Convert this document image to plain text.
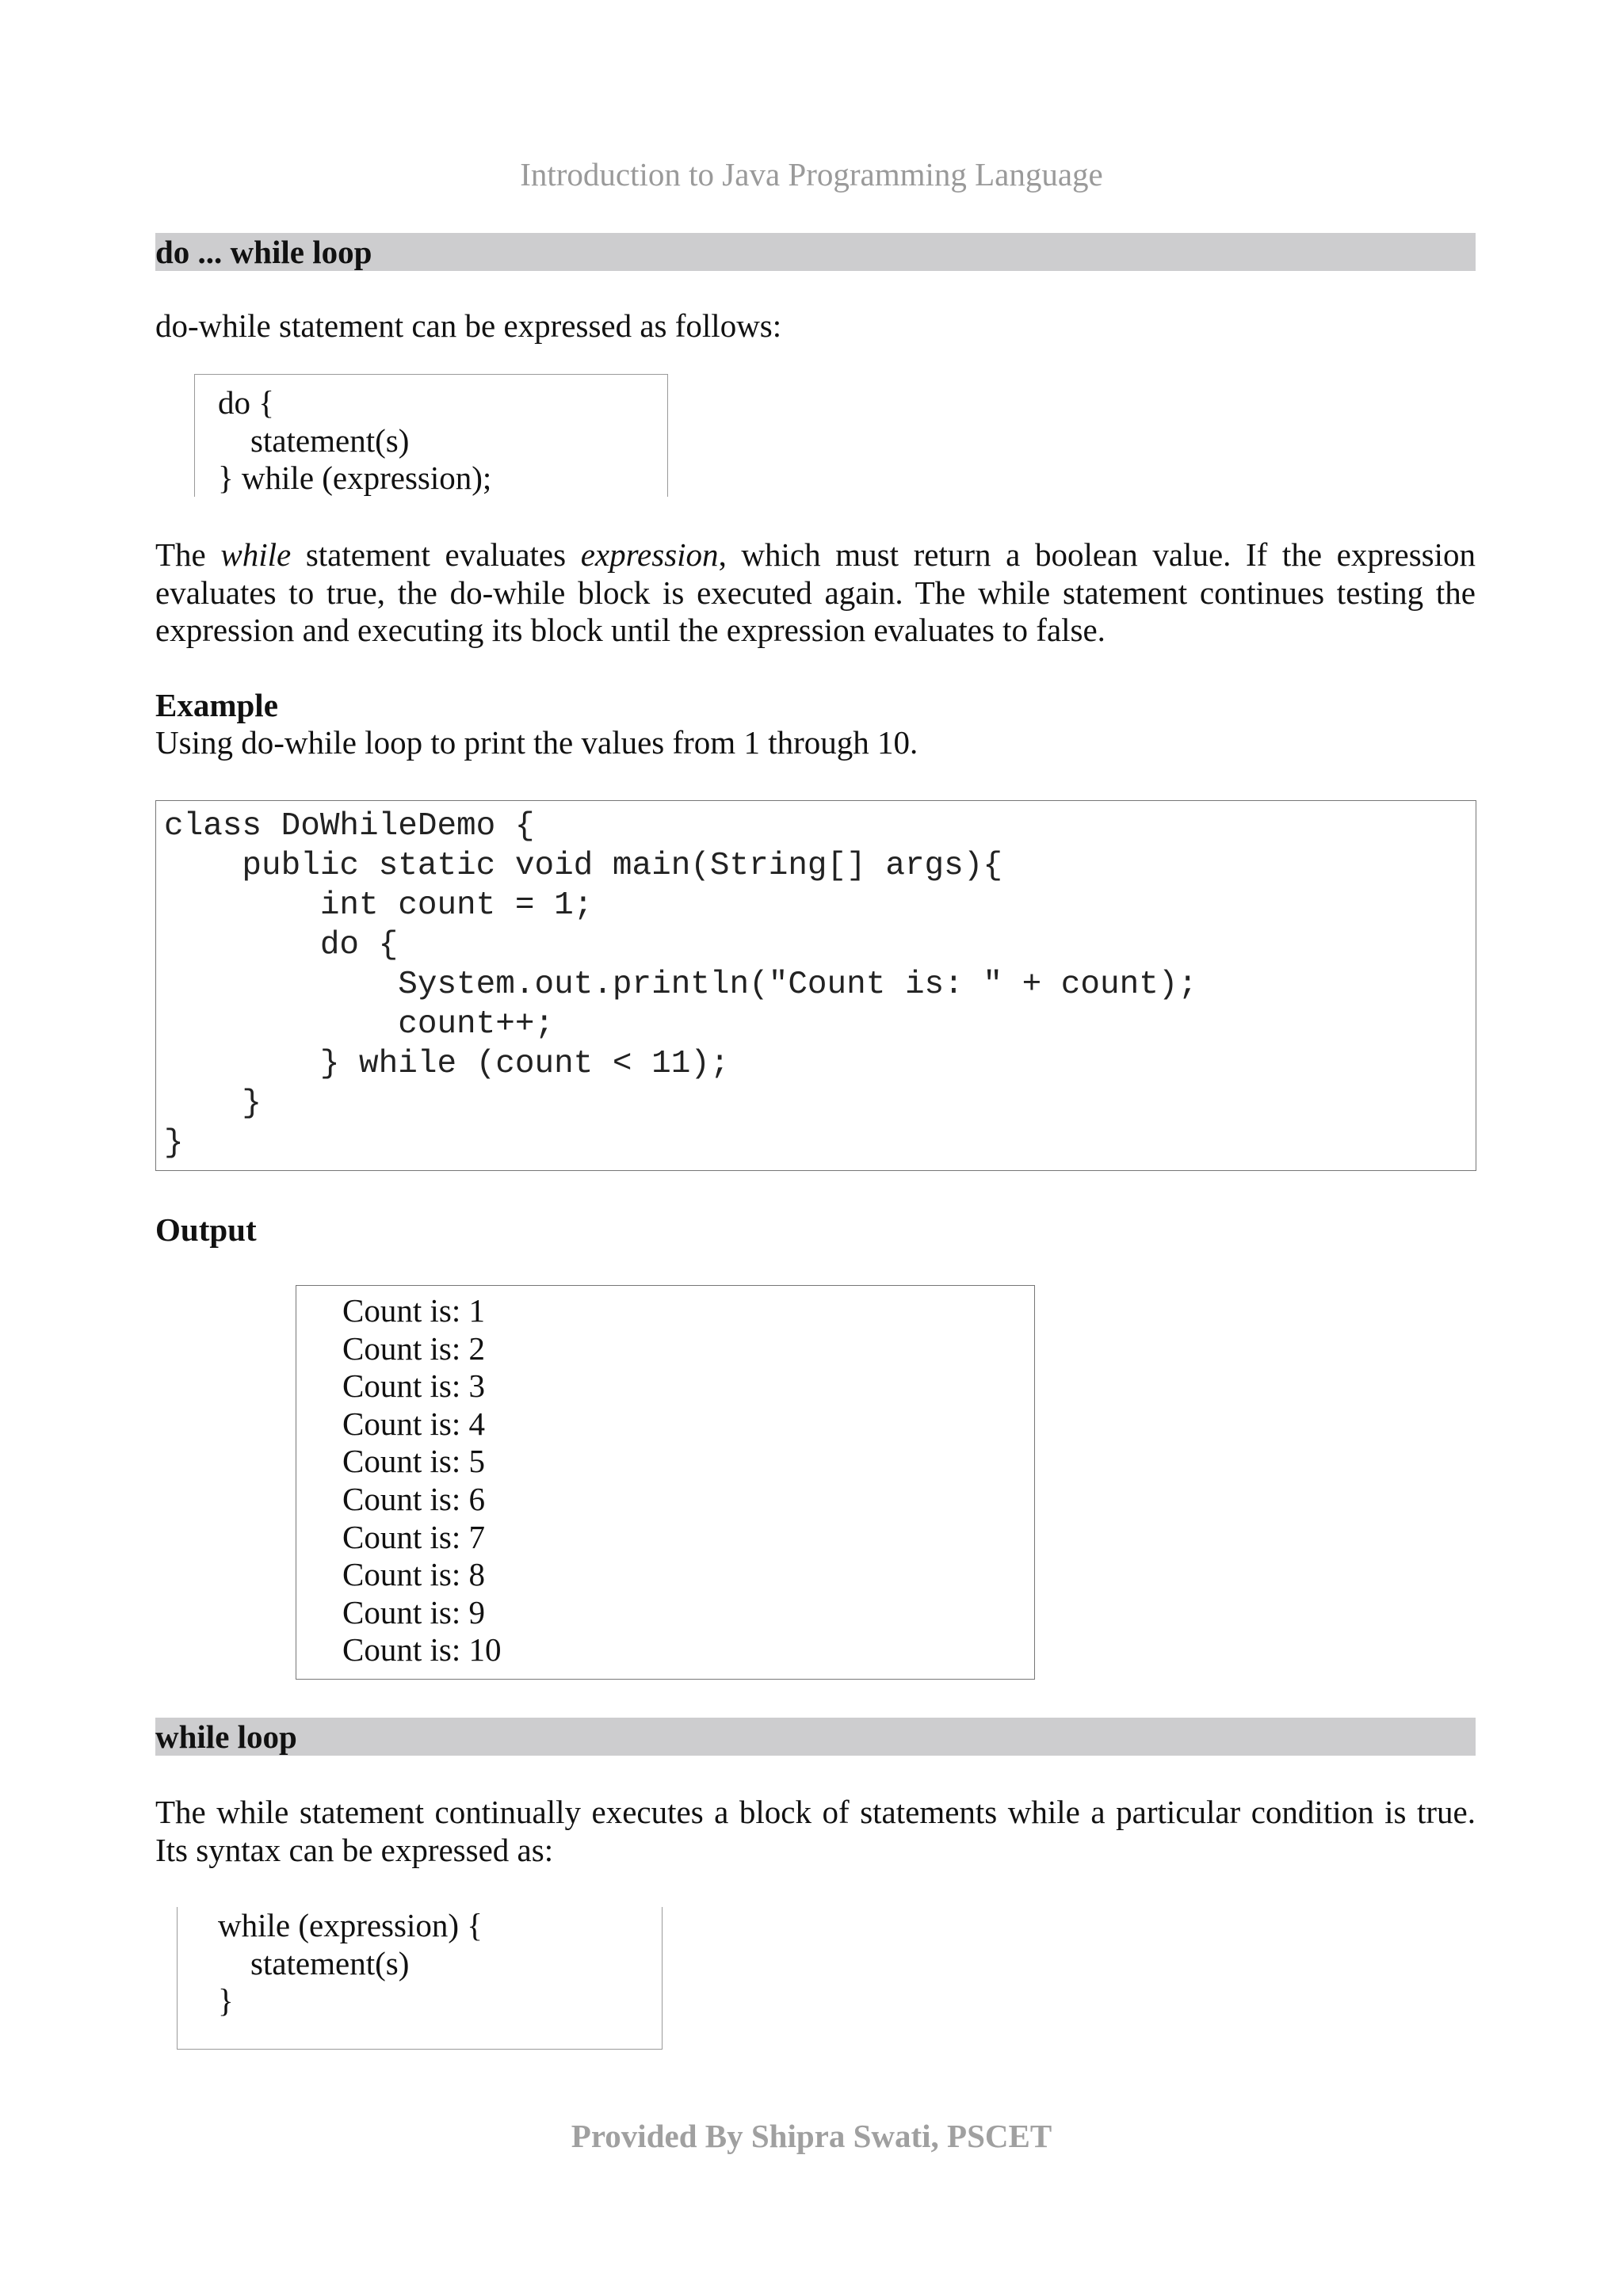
Introduction to Java Programming Language
do ... while loop

do-while statement can be expressed as follows:

do {
statement(s)
} while (expression);

The while statement evaluates expression, which must return a boolean value. If the expression evaluates to true, the do-while block is executed again. The while statement continues testing the expression and executing its block until the expression evaluates to false.

Example

Using do-while loop to print the values from 1 through 10.

class DoWhileDemo {
public static void main(String[] args){
int count = 1;
do {
System.out.println("Count is: " + count);
count++;
} while (count < 11);
}
}

Output

Count is: 1
Count is: 2
Count is: 3
Count is: 4
Count is: 5
Count is: 6
Count is: 7
Count is: 8
Count is: 9
Count is: 10
while loop

The while statement continually executes a block of statements while a particular condition is true. Its syntax can be expressed as:

while (expression) {
statement(s)
}
Provided By Shipra Swati, PSCET
